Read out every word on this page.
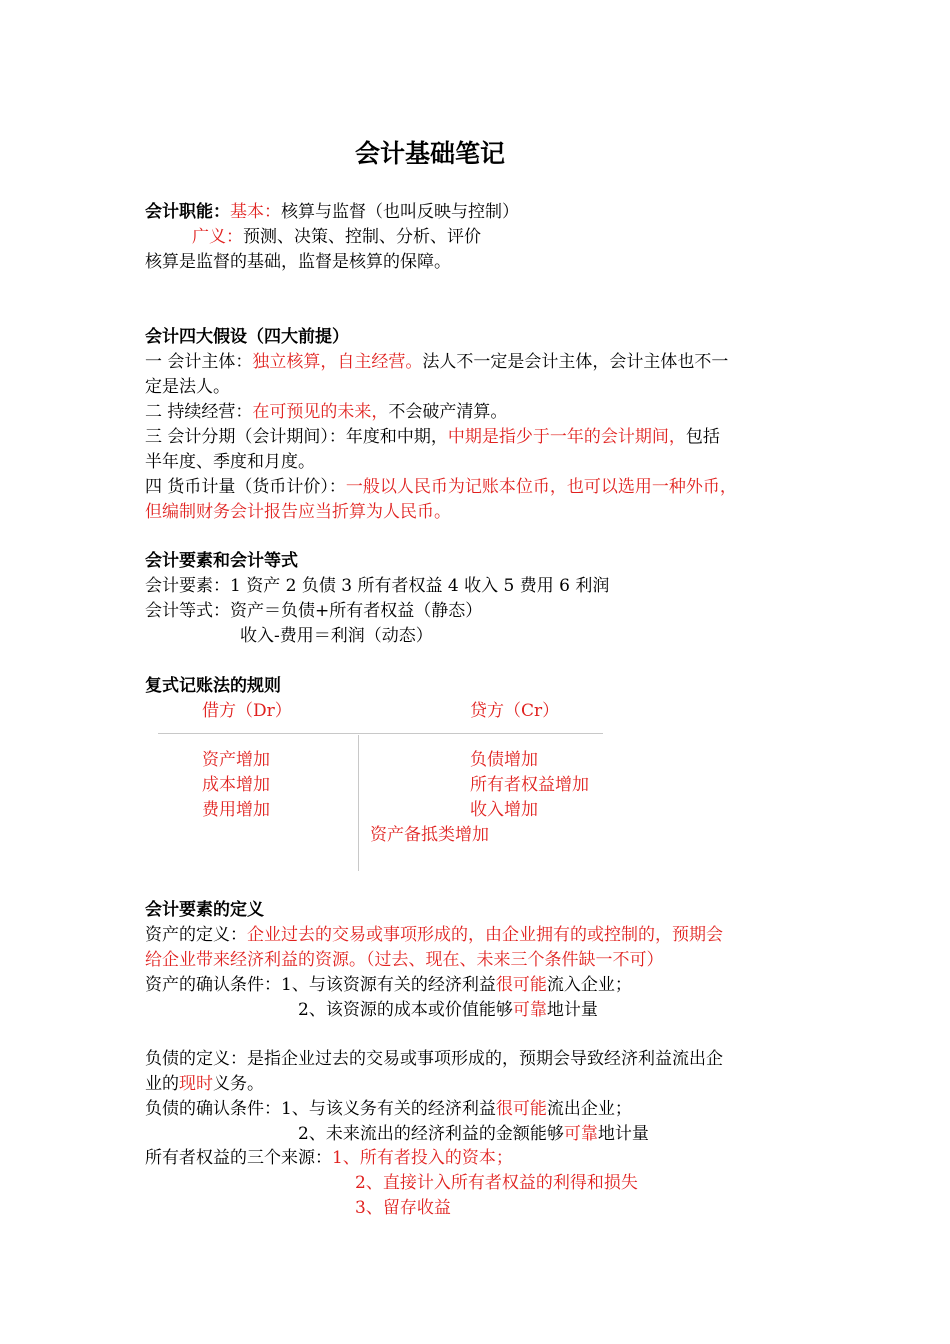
会计基础笔记
会计职能：基本：核算与监督（也叫反映与控制）
广义：预测、决策、控制、分析、评价
核算是监督的基础，监督是核算的保障。
会计四大假设（四大前提）
一 会计主体：独立核算，自主经营。法人不一定是会计主体，会计主体也不一
定是法人。
二 持续经营：在可预见的未来，不会破产清算。
三 会计分期（会计期间）：年度和中期，中期是指少于一年的会计期间，包括
半年度、季度和月度。
四 货币计量（货币计价）：一般以人民币为记账本位币，也可以选用一种外币，
但编制财务会计报告应当折算为人民币。
会计要素和会计等式
会计要素：1 资产 2 负债 3 所有者权益 4 收入 5 费用 6 利润
会计等式：资产＝负债+所有者权益（静态）
收入-费用＝利润（动态）
复式记账法的规则
借方（Dr）	贷方（Cr）
资产增加
成本增加
费用增加
负债增加
所有者权益增加
收入增加
资产备抵类增加
会计要素的定义
资产的定义：企业过去的交易或事项形成的，由企业拥有的或控制的，预期会
给企业带来经济利益的资源。（过去、现在、未来三个条件缺一不可）
资产的确认条件：1、与该资源有关的经济利益很可能流入企业；
2、该资源的成本或价值能够可靠地计量
负债的定义：是指企业过去的交易或事项形成的，预期会导致经济利益流出企
业的现时义务。
负债的确认条件：1、与该义务有关的经济利益很可能流出企业；
2、未来流出的经济利益的金额能够可靠地计量
所有者权益的三个来源：1、所有者投入的资本；
2、直接计入所有者权益的利得和损失
3、留存收益
